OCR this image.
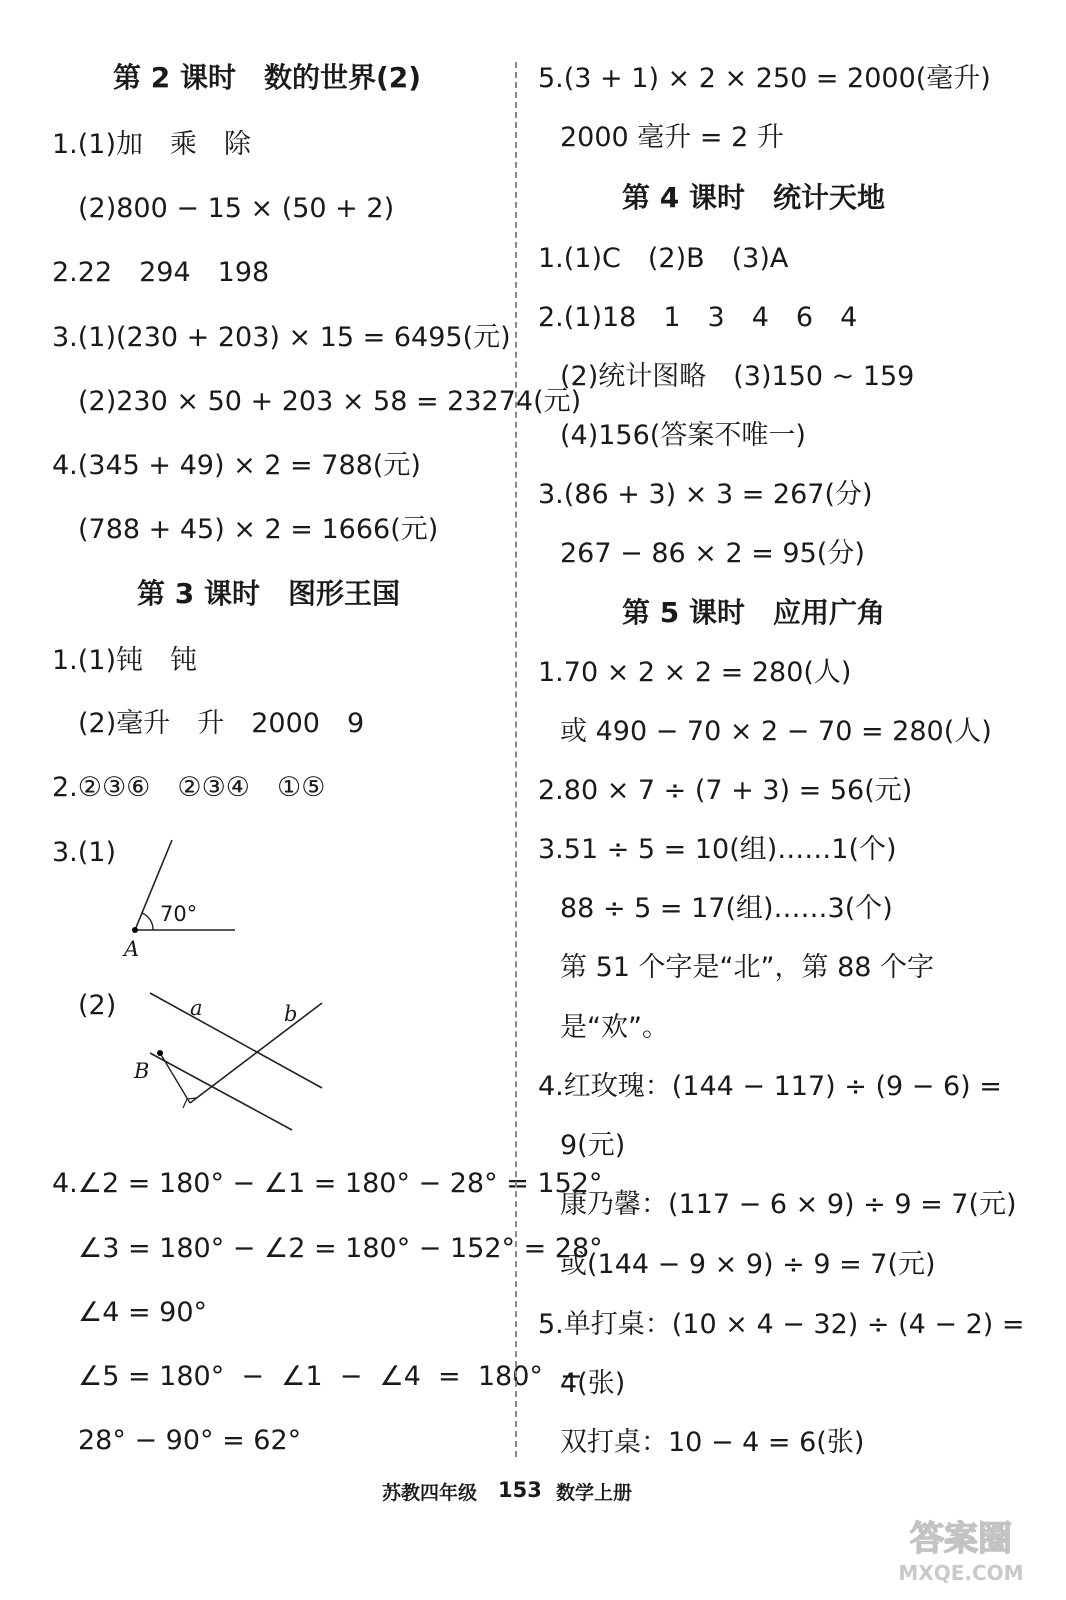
第 2 课时　数的世界(2)
1.(1)加　乘　除
(2)800 − 15 × (50 + 2)
2.22　294　198
3.(1)(230 + 203) × 15 = 6495(元)
(2)230 × 50 + 203 × 58 = 23274(元)
4.(345 + 49) × 2 = 788(元)
(788 + 45) × 2 = 1666(元)
第 3 课时　图形王国
1.(1)钝　钝
(2)毫升　升　2000　9
2.②③⑥　②③④　①⑤
3.(1)
70°
A
(2)	a	b
B
4.∠2 = 180° − ∠1 = 180° − 28° = 152°
∠3 = 180° − ∠2 = 180° − 152° = 28°
∠4 = 90°
∠5 = 180°  −  ∠1  −  ∠4  =  180°  −
28° − 90° = 62°
5.(3 + 1) × 2 × 250 = 2000(毫升)
2000 毫升 = 2 升
第 4 课时　统计天地
1.(1)C　(2)B　(3)A
2.(1)18　1　3　4　6　4
(2)统计图略　(3)150 ~ 159
(4)156(答案不唯一)
3.(86 + 3) × 3 = 267(分)
267 − 86 × 2 = 95(分)
第 5 课时　应用广角
1.70 × 2 × 2 = 280(人)
或 490 − 70 × 2 − 70 = 280(人)
2.80 × 7 ÷ (7 + 3) = 56(元)
3.51 ÷ 5 = 10(组)……1(个)
88 ÷ 5 = 17(组)……3(个)
第 51 个字是“北”，第 88 个字
是“欢”。
4.红玫瑰：(144 − 117) ÷ (9 − 6) =
9(元)
康乃馨：(117 − 6 × 9) ÷ 9 = 7(元)
或(144 − 9 × 9) ÷ 9 = 7(元)
5.单打桌：(10 × 4 − 32) ÷ (4 − 2) =
4(张)
双打桌：10 − 4 = 6(张)
苏教四年级 153 数学上册
答案圈
MXQE.COM
